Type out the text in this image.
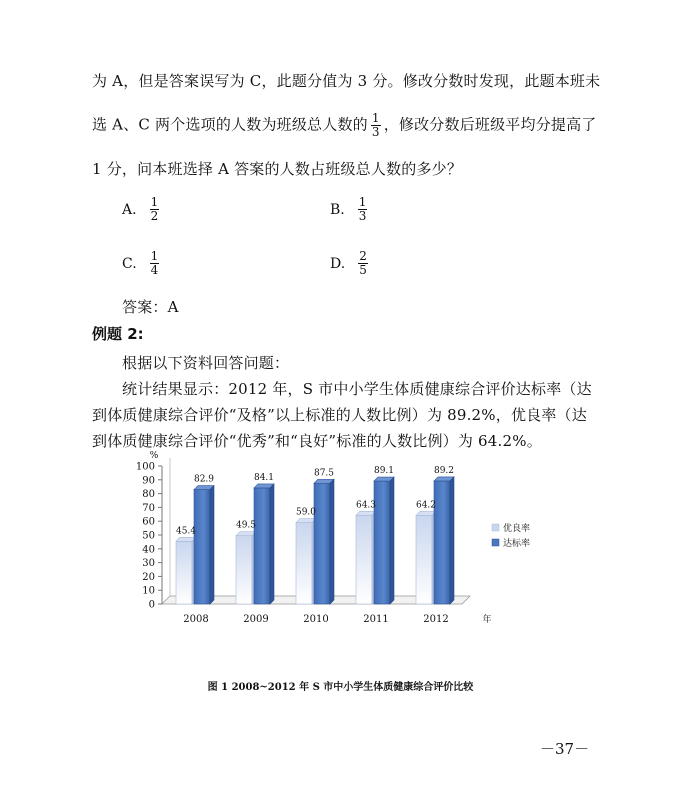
为 A，但是答案误写为 C，此题分值为 3 分。修改分数时发现，此题本班未
选 A、C 两个选项的人数为班级总人数的 $\frac{1}{3}$ ，修改分数后班级平均分提高了
1 分，问本班选择 A 答案的人数占班级总人数的多少？
A. $\frac{1}{2}$	B. $\frac{1}{3}$
C. $\frac{1}{4}$	D. $\frac{2}{5}$
答案：A
例题 2:
根据以下资料回答问题：
统计结果显示：2012 年，S 市中小学生体质健康综合评价达标率（达
到体质健康综合评价“及格”以上标准的人数比例）为 89.2%，优良率（达
到体质健康综合评价“优秀”和“良好”标准的人数比例）为 64.2%。
0
10
20
30
40
50
60
70
80
90
100
%
45.4
82.9
2008
49.5
84.1
2009
59.0
87.5
2010
64.3
89.1
2011
64.2
89.2
2012	年
优良率
达标率
图 1 2008~2012 年 S 市中小学生体质健康综合评价比较
－37－
